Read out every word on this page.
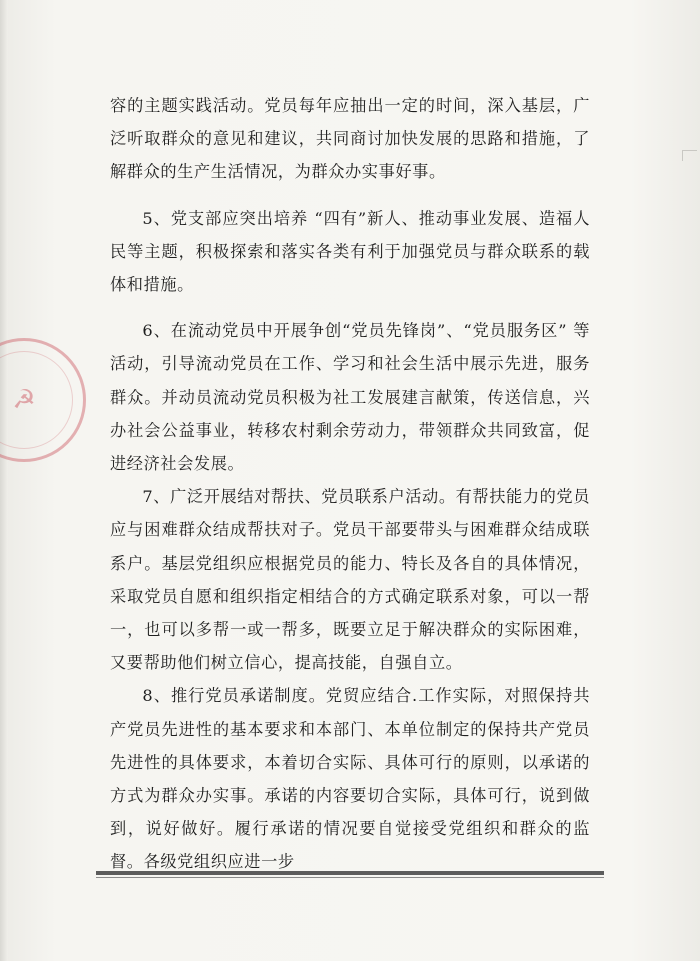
☭

容的主题实践活动。党员每年应抽出一定的时间，深入基层，广泛听取群众的意见和建议，共同商讨加快发展的思路和措施，了解群众的生产生活情况，为群众办实事好事。

5、党支部应突出培养 “四有”新人、推动事业发展、造福人民等主题，积极探索和落实各类有利于加强党员与群众联系的载体和措施。

6、在流动党员中开展争创“党员先锋岗”、“党员服务区” 等活动，引导流动党员在工作、学习和社会生活中展示先进，服务群众。并动员流动党员积极为社工发展建言献策，传送信息，兴办社会公益事业，转移农村剩余劳动力，带领群众共同致富，促进经济社会发展。

7、广泛开展结对帮扶、党员联系户活动。有帮扶能力的党员应与困难群众结成帮扶对子。党员干部要带头与困难群众结成联系户。基层党组织应根据党员的能力、特长及各自的具体情况，采取党员自愿和组织指定相结合的方式确定联系对象，可以一帮一，也可以多帮一或一帮多，既要立足于解决群众的实际困难，又要帮助他们树立信心，提高技能，自强自立。

8、推行党员承诺制度。党贸应结合.工作实际，对照保持共产党员先进性的基本要求和本部门、本单位制定的保持共产党员先进性的具体要求，本着切合实际、具体可行的原则，以承诺的方式为群众办实事。承诺的内容要切合实际，具体可行，说到做到，说好做好。履行承诺的情况要自觉接受党组织和群众的监督。各级党组织应进一步
